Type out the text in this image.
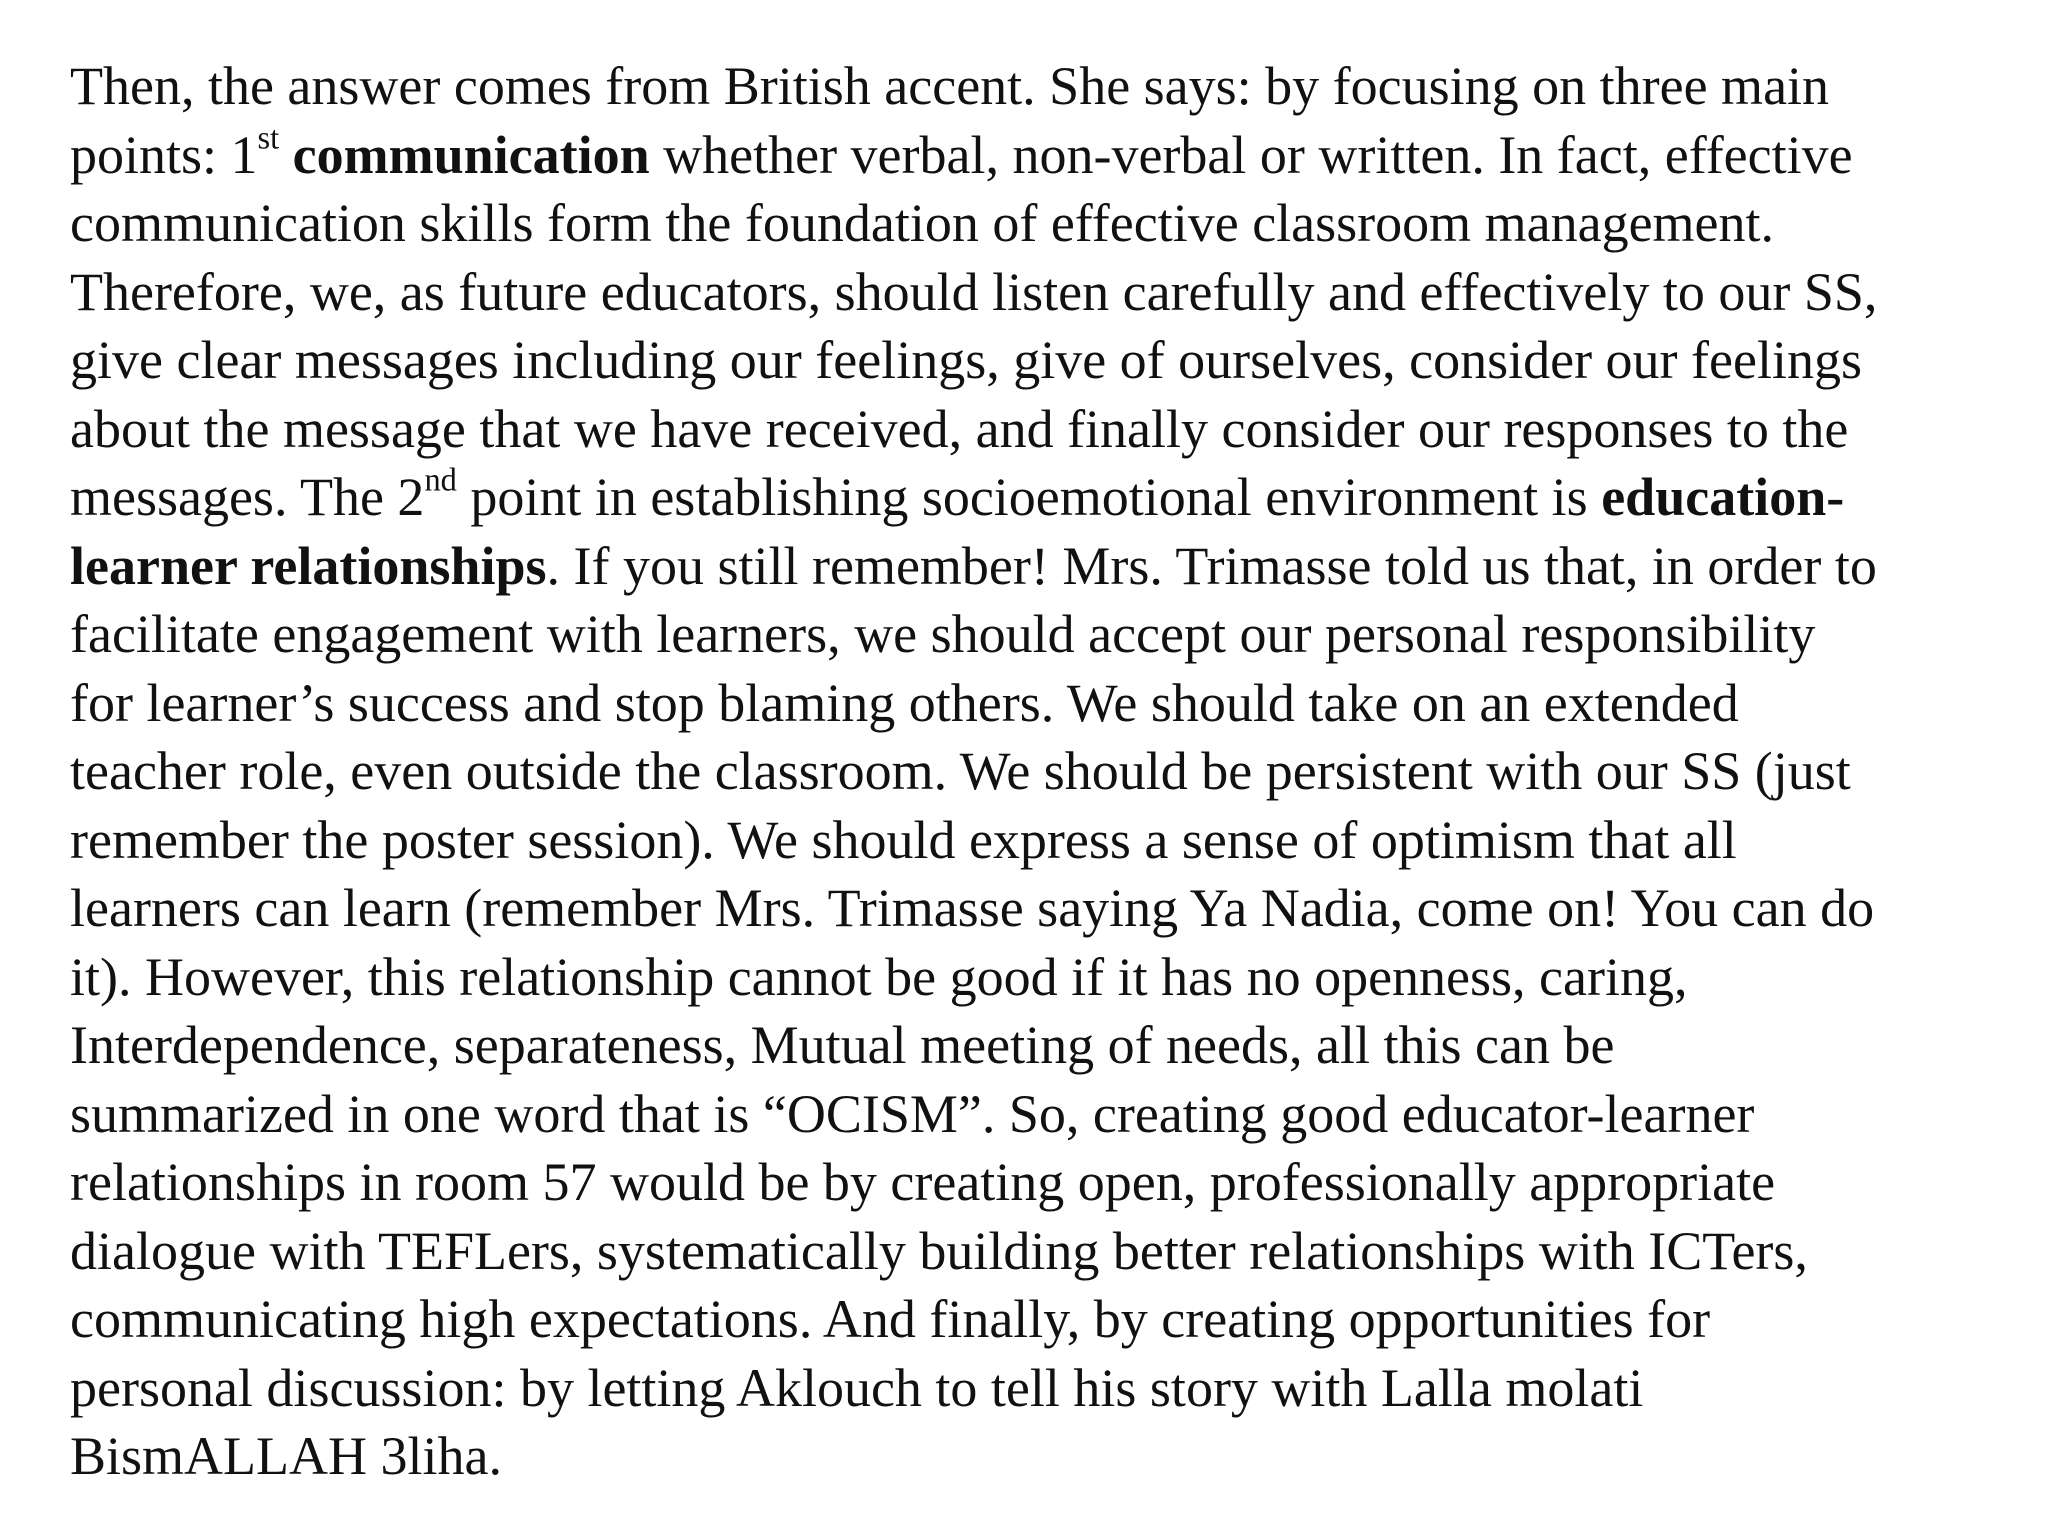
Then, the answer comes from British accent. She says: by focusing on three main
points: 1st communication whether verbal, non-verbal or written. In fact, effective
communication skills form the foundation of effective classroom management.
Therefore, we, as future educators, should listen carefully and effectively to our SS,
give clear messages including our feelings, give of ourselves, consider our feelings
about the message that we have received, and finally consider our responses to the
messages. The 2nd point in establishing socioemotional environment is education-
learner relationships. If you still remember! Mrs. Trimasse told us that, in order to
facilitate engagement with learners, we should accept our personal responsibility
for learner’s success and stop blaming others. We should take on an extended
teacher role, even outside the classroom. We should be persistent with our SS (just
remember the poster session). We should express a sense of optimism that all
learners can learn (remember Mrs. Trimasse saying Ya Nadia, come on! You can do
it). However, this relationship cannot be good if it has no openness, caring,
Interdependence, separateness, Mutual meeting of needs, all this can be
summarized in one word that is “OCISM”. So, creating good educator-learner
relationships in room 57 would be by creating open, professionally appropriate
dialogue with TEFLers, systematically building better relationships with ICTers,
communicating high expectations. And finally, by creating opportunities for
personal discussion: by letting Aklouch to tell his story with Lalla molati
BismALLAH 3liha.
